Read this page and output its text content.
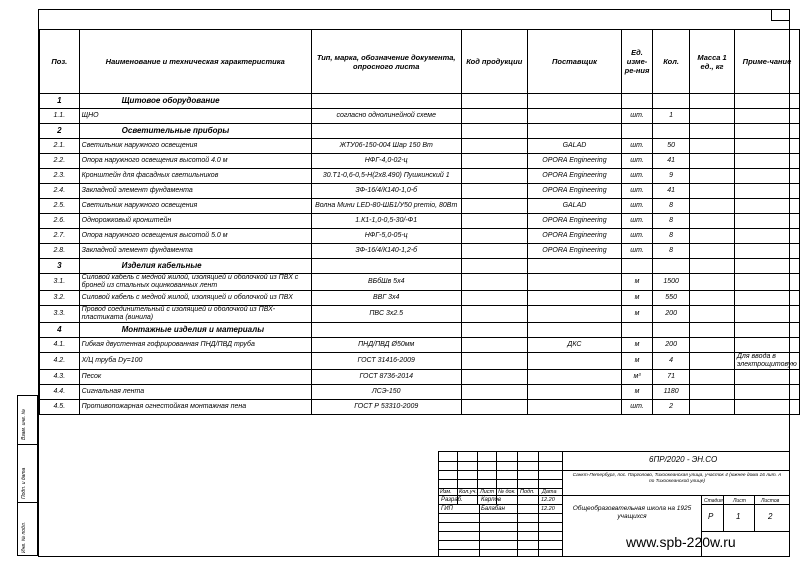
Поз.	Наименование и техническая характеристика	Тип, марка, обозначение документа, опросного листа	Код продукции	Поставщик	Ед. изме-ре-ния	Кол.	Масса 1 ед., кг	Приме-чание
1	Щитовое оборудование							
1.1.	ЩНО	согласно однолинейной схеме			шт.	1		
2	Осветительные приборы							
2.1.	Светильник наружного освещения	ЖТУ06-150-004 Шар 150 Вт		GALAD	шт.	50		
2.2.	Опора наружного освещения высотой 4.0 м	НФГ-4,0-02-ц		OPORA Engineering	шт.	41		
2.3.	Кронштейн для фасадных светильников	30.Т1-0,6-0,5-Н(2х8.490) Пушкинский 1		OPORA Engineering	шт.	9		
2.4.	Закладной элемент фундамента	ЗФ-16/4/К140-1,0-б		OPORA Engineering	шт.	41		
2.5.	Светильник наружного освещения	Волна Мини LED-80-ШБ1/У50 premio, 80Вт		GALAD	шт.	8		
2.6.	Однорожковый кронштейн	1.К1-1,0-0,5-30/-Ф1		OPORA Engineering	шт.	8		
2.7.	Опора наружного освещения высотой 5.0 м	НФГ-5,0-05-ц		OPORA Engineering	шт.	8		
2.8.	Закладной элемент фундамента	ЗФ-16/4/К140-1,2-б		OPORA Engineering	шт.	8		
3	Изделия кабельные							
3.1.	Силовой кабель с медной жилой, изоляцией и оболочкой из ПВХ с броней из стальных оцинкованных лент	ВБбШв 5х4			м	1500		
3.2.	Силовой кабель с медной жилой, изоляцией и оболочкой из ПВХ	ВВГ 3х4			м	550		
3.3.	Провод соединительный с изоляцией и оболочкой из ПВХ-пластиката (винила)	ПВС 3х2.5			м	200		
4	Монтажные изделия и материалы							
4.1.	Гибкая двустенная гофрированная ПНД/ПВД труба	ПНД/ПВД Ø50мм		ДКС	м	200		
4.2.	Х/Ц труба Dу=100	ГОСТ 31416-2009			м	4		Для ввода в электрощитовую
4.3.	Песок	ГОСТ 8736-2014			м³	71		
4.4.	Сигнальная лента	ЛСЭ-150			м	1180		
4.5.	Противопожарная огнестойкая монтажная пена	ГОСТ Р 53310-2009			шт.	2		
Взам. инв. №
Подп. и дата
Инв. № подл.
Изм. Кол.уч. Лист № док. Подп. Дата
Разраб.	Карпов	12.20
ГИП	Балабан	12.20
6ПР/2020 - ЭН.СО
Санкт-Петербург, пос. Парголово, Тихоокеанская улица, участок 4 (южнее дома 16 лит. А по Тихоокеанской улице)
Общеобразовательная школа на 1925 учащихся
Стадия Лист	Листов
Р	1	2
www.spb-220w.ru
